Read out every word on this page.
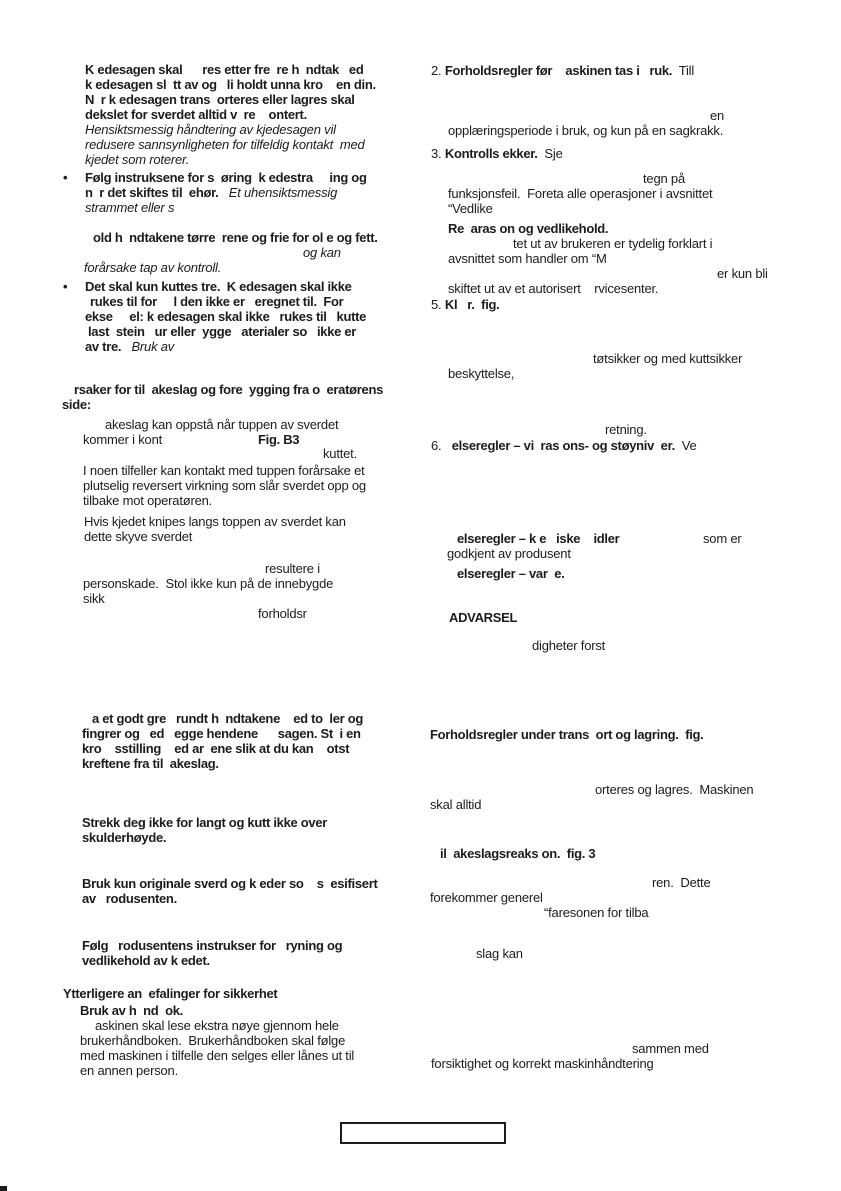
K edesagen skal      res etter fre  re h  ndtak   ed
k edesagen sl  tt av og   li holdt unna kro    en din.
N  r k edesagen trans  orteres eller lagres skal
dekslet for sverdet alltid v  re    ontert.
Hensiktsmessig håndtering av kjedesagen vil
redusere sannsynligheten for tilfeldig kontakt  med
kjedet som roterer.
• Følg instruksene for s  øring  k edestra     ing og
n  r det skiftes til  ehør.   Et uhensiktsmessig
strammet eller s
old h  ndtakene tørre  rene og frie for ol e og fett.
og kan
forårsake tap av kontroll.
• Det skal kun kuttes tre.  K edesagen skal ikke
rukes til for     l den ikke er   eregnet til.  For
ekse     el: k edesagen skal ikke   rukes til   kutte
last  stein   ur eller  ygge   aterialer so   ikke er
av tre.   Bruk av
rsaker for til  akeslag og fore  ygging fra o  eratørens
side:
akeslag kan oppstå når tuppen av sverdet
kommer i kont	Fig. B3
kuttet.
I noen tilfeller kan kontakt med tuppen forårsake et
plutselig reversert virkning som slår sverdet opp og
tilbake mot operatøren.
Hvis kjedet knipes langs toppen av sverdet kan
dette skyve sverdet
resultere i
personskade.  Stol ikke kun på de innebygde
sikk
forholdsr
a et godt gre   rundt h  ndtakene    ed to  ler og
fingrer og   ed   egge hendene      sagen. St  i en
kro    sstilling    ed ar  ene slik at du kan    otst
kreftene fra til  akeslag.
Strekk deg ikke for langt og kutt ikke over
skulderhøyde.
Bruk kun originale sverd og k eder so    s  esifisert
av   rodusenten.
Følg   rodusentens instrukser for   ryning og
vedlikehold av k edet.
Ytterligere an  efalinger for sikkerhet
Bruk av h  nd  ok.
askinen skal lese ekstra nøye gjennom hele
brukerhåndboken.  Brukerhåndboken skal følge
med maskinen i tilfelle den selges eller lånes ut til
en annen person.
2. Forholdsregler før    askinen tas i   ruk.  Till
en
opplæringsperiode i bruk, og kun på en sagkrakk.
3. Kontrolls ekker.  Sje
tegn på
funksjonsfeil.  Foreta alle operasjoner i avsnittet
“Vedlike
Re  aras on og vedlikehold.
tet ut av brukeren er tydelig forklart i
avsnittet som handler om “M
er kun bli
skiftet ut av et autorisert    rvicesenter.
5. Kl   r.  fig.
tøtsikker og med kuttsikker
beskyttelse,
retning.
6.   elseregler – vi  ras ons- og støyniv  er.  Ve
elseregler – k e   iske    idler	som er
godkjent av produsent
elseregler – var  e.
ADVARSEL
digheter forst
Forholdsregler under trans  ort og lagring.  fig.
orteres og lagres.  Maskinen
skal alltid
il  akeslagsreaks on.  fig. 3
ren.  Dette
forekommer generel
“faresonen for tilba
slag kan
sammen med
forsiktighet og korrekt maskinhåndtering
